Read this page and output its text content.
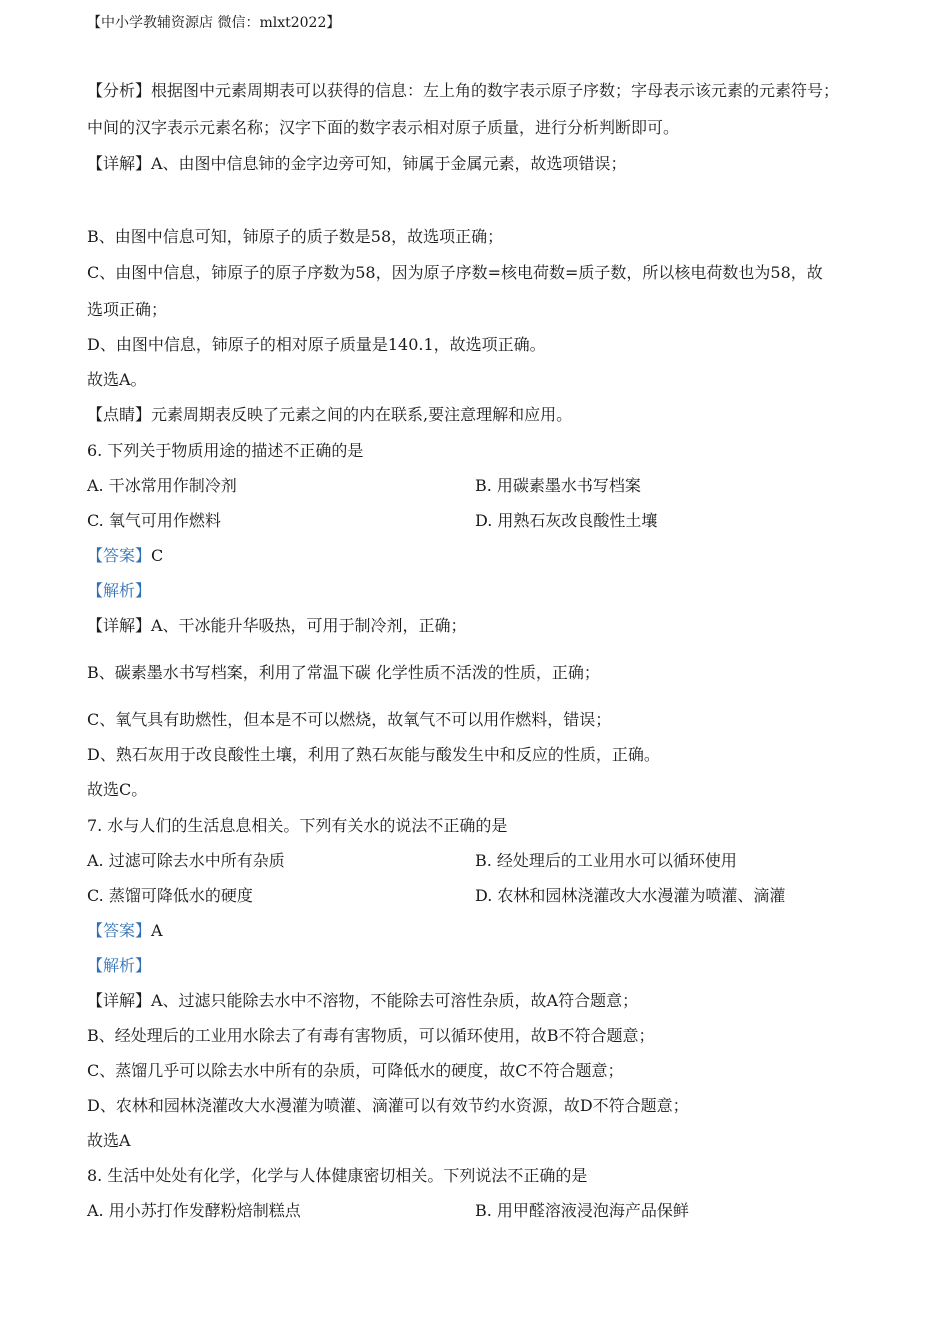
【中小学教辅资源店 微信：mlxt2022】
【分析】根据图中元素周期表可以获得的信息：左上角的数字表示原子序数；字母表示该元素的元素符号；
中间的汉字表示元素名称；汉字下面的数字表示相对原子质量，进行分析判断即可。
【详解】A、由图中信息铈的金字边旁可知，铈属于金属元素，故选项错误；
B、由图中信息可知，铈原子的质子数是58，故选项正确；
C、由图中信息，铈原子的原子序数为58，因为原子序数=核电荷数=质子数，所以核电荷数也为58，故
选项正确；
D、由图中信息，铈原子的相对原子质量是140.1，故选项正确。
故选A。
【点睛】元素周期表反映了元素之间的内在联系,要注意理解和应用。
6. 下列关于物质用途的描述不正确的是
A. 干冰常用作制冷剂	B. 用碳素墨水书写档案
C. 氧气可用作燃料	D. 用熟石灰改良酸性土壤
【答案】C
【解析】
【详解】A、干冰能升华吸热，可用于制冷剂，正确；
B、碳素墨水书写档案，利用了常温下碳 化学性质不活泼的性质，正确；
C、氧气具有助燃性，但本是不可以燃烧，故氧气不可以用作燃料，错误；
D、熟石灰用于改良酸性土壤，利用了熟石灰能与酸发生中和反应的性质，正确。
故选C。
7. 水与人们的生活息息相关。下列有关水的说法不正确的是
A. 过滤可除去水中所有杂质	B. 经处理后的工业用水可以循环使用
C. 蒸馏可降低水的硬度	D. 农林和园林浇灌改大水漫灌为喷灌、滴灌
【答案】A
【解析】
【详解】A、过滤只能除去水中不溶物，不能除去可溶性杂质，故A符合题意；
B、经处理后的工业用水除去了有毒有害物质，可以循环使用，故B不符合题意；
C、蒸馏几乎可以除去水中所有的杂质，可降低水的硬度，故C不符合题意；
D、农林和园林浇灌改大水漫灌为喷灌、滴灌可以有效节约水资源，故D不符合题意；
故选A
8. 生活中处处有化学，化学与人体健康密切相关。下列说法不正确的是
A. 用小苏打作发酵粉焙制糕点	B. 用甲醛溶液浸泡海产品保鲜
